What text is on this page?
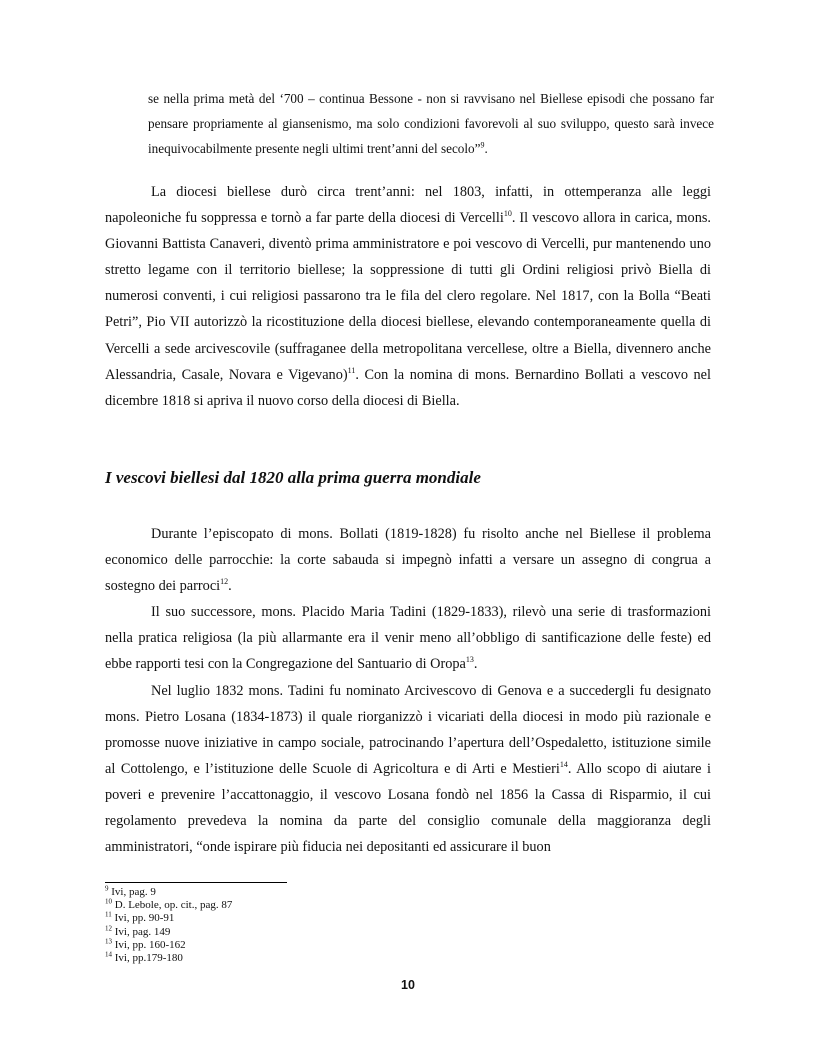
se nella prima metà del ‘700 – continua Bessone - non si ravvisano nel Biellese episodi che possano far pensare propriamente al giansenismo, ma solo condizioni favorevoli al suo sviluppo, questo sarà invece inequivocabilmente presente negli ultimi trent’anni del secolo”$^9$.

La diocesi biellese durò circa trent’anni: nel 1803, infatti, in ottemperanza alle leggi napoleoniche fu soppressa e tornò a far parte della diocesi di Vercelli$^{10}$. Il vescovo allora in carica, mons. Giovanni Battista Canaveri, diventò prima amministratore e poi vescovo di Vercelli, pur mantenendo uno stretto legame con il territorio biellese; la soppressione di tutti gli Ordini religiosi privò Biella di numerosi conventi, i cui religiosi passarono tra le fila del clero regolare. Nel 1817, con la Bolla “Beati Petri”, Pio VII autorizzò la ricostituzione della diocesi biellese, elevando contemporaneamente quella di Vercelli a sede arcivescovile (suffraganee della metropolitana vercellese, oltre a Biella, divennero anche Alessandria, Casale, Novara e Vigevano)$^{11}$. Con la nomina di mons. Bernardino Bollati a vescovo nel dicembre 1818 si apriva il nuovo corso della diocesi di Biella.

I vescovi biellesi dal 1820 alla prima guerra mondiale

Durante l’episcopato di mons. Bollati (1819-1828) fu risolto anche nel Biellese il problema economico delle parrocchie: la corte sabauda si impegnò infatti a versare un assegno di congrua a sostegno dei parroci$^{12}$.

Il suo successore, mons. Placido Maria Tadini (1829-1833), rilevò una serie di trasformazioni nella pratica religiosa (la più allarmante era il venir meno all’obbligo di santificazione delle feste) ed ebbe rapporti tesi con la Congregazione del Santuario di Oropa$^{13}$.

Nel luglio 1832 mons. Tadini fu nominato Arcivescovo di Genova e a succedergli fu designato mons. Pietro Losana (1834-1873) il quale riorganizzò i vicariati della diocesi in modo più razionale e promosse nuove iniziative in campo sociale, patrocinando l’apertura dell’Ospedaletto, istituzione simile al Cottolengo, e l’istituzione delle Scuole di Agricoltura e di Arti e Mestieri$^{14}$. Allo scopo di aiutare i poveri e prevenire l’accattonaggio, il vescovo Losana fondò nel 1856 la Cassa di Risparmio, il cui regolamento prevedeva la nomina da parte del consiglio comunale della maggioranza degli amministratori, “onde ispirare più fiducia nei depositanti ed assicurare il buon

$^9$ Ivi, pag. 9
$^{10}$ D. Lebole, op. cit., pag. 87
$^{11}$ Ivi, pp. 90-91
$^{12}$ Ivi, pag. 149
$^{13}$ Ivi, pp. 160-162
$^{14}$ Ivi, pp.179-180
10
